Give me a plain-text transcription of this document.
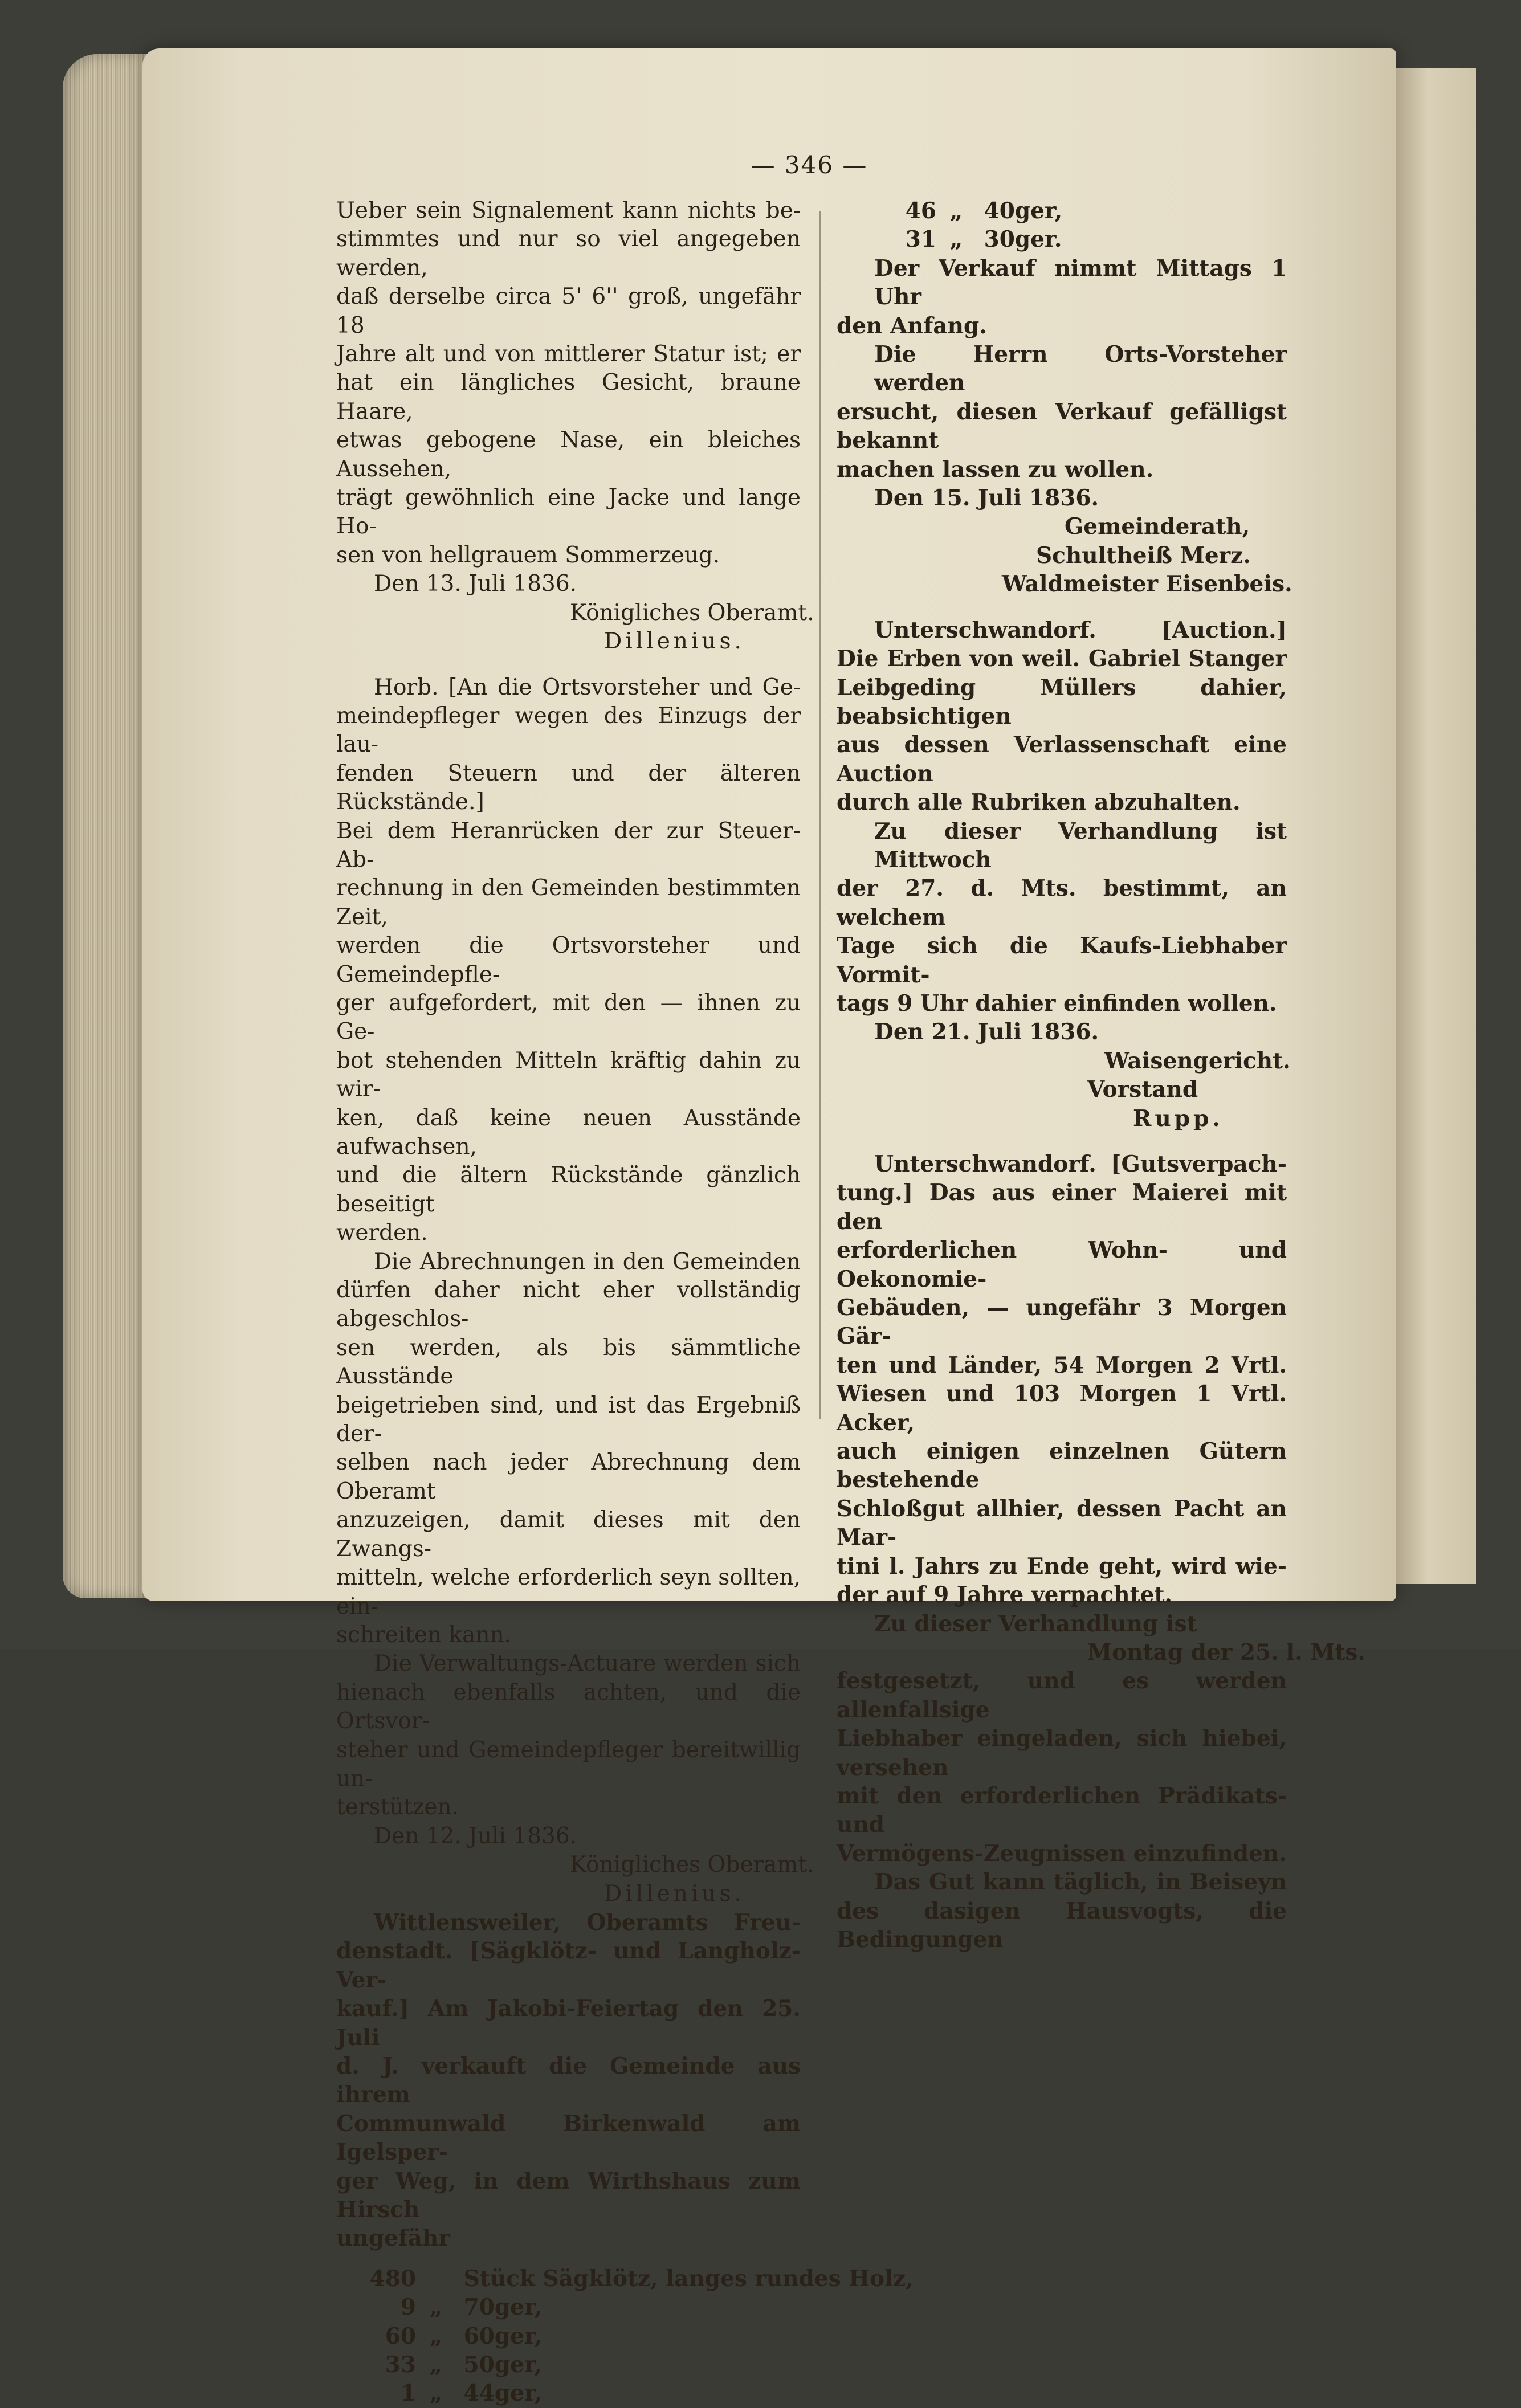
— 346 —
Ueber sein Signalement kann nichts be-
stimmtes und nur so viel angegeben werden,
daß derselbe circa 5' 6'' groß, ungefähr 18
Jahre alt und von mittlerer Statur ist; er
hat ein längliches Gesicht, braune Haare,
etwas gebogene Nase, ein bleiches Aussehen,
trägt gewöhnlich eine Jacke und lange Ho-
sen von hellgrauem Sommerzeug.
Den 13. Juli 1836.
Königliches Oberamt.
Dillenius.
Horb. [An die Ortsvorsteher und Ge-
meindepfleger wegen des Einzugs der lau-
fenden Steuern und der älteren Rückstände.]
Bei dem Heranrücken der zur Steuer-Ab-
rechnung in den Gemeinden bestimmten Zeit,
werden die Ortsvorsteher und Gemeindepfle-
ger aufgefordert, mit den — ihnen zu Ge-
bot stehenden Mitteln kräftig dahin zu wir-
ken, daß keine neuen Ausstände aufwachsen,
und die ältern Rückstände gänzlich beseitigt
werden.
Die Abrechnungen in den Gemeinden
dürfen daher nicht eher vollständig abgeschlos-
sen werden, als bis sämmtliche Ausstände
beigetrieben sind, und ist das Ergebniß der-
selben nach jeder Abrechnung dem Oberamt
anzuzeigen, damit dieses mit den Zwangs-
mitteln, welche erforderlich seyn sollten, ein-
schreiten kann.
Die Verwaltungs-Actuare werden sich
hienach ebenfalls achten, und die Ortsvor-
steher und Gemeindepfleger bereitwillig un-
terstützen.
Den 12. Juli 1836.
Königliches Oberamt.
Dillenius.
Wittlensweiler, Oberamts Freu-
denstadt. [Sägklötz- und Langholz-Ver-
kauf.] Am Jakobi-Feiertag den 25. Juli
d. J. verkauft die Gemeinde aus ihrem
Communwald Birkenwald am Igelsper-
ger Weg, in dem Wirthshaus zum Hirsch
ungefähr
480 Stück Sägklötz, langes rundes Holz,
9 „ 70ger,
60 „ 60ger,
33 „ 50ger,
1 „ 44ger,
46 „ 40ger,
31 „ 30ger.
Der Verkauf nimmt Mittags 1 Uhr
den Anfang.
Die Herrn Orts-Vorsteher werden
ersucht, diesen Verkauf gefälligst bekannt
machen lassen zu wollen.
Den 15. Juli 1836.
Gemeinderath,
Schultheiß Merz.
Waldmeister Eisenbeis.
Unterschwandorf. [Auction.]
Die Erben von weil. Gabriel Stanger
Leibgeding Müllers dahier, beabsichtigen
aus dessen Verlassenschaft eine Auction
durch alle Rubriken abzuhalten.
Zu dieser Verhandlung ist Mittwoch
der 27. d. Mts. bestimmt, an welchem
Tage sich die Kaufs-Liebhaber Vormit-
tags 9 Uhr dahier einfinden wollen.
Den 21. Juli 1836.
Waisengericht.
Vorstand
Rupp.
Unterschwandorf. [Gutsverpach-
tung.] Das aus einer Maierei mit den
erforderlichen Wohn- und Oekonomie-
Gebäuden, — ungefähr 3 Morgen Gär-
ten und Länder, 54 Morgen 2 Vrtl.
Wiesen und 103 Morgen 1 Vrtl. Acker,
auch einigen einzelnen Gütern bestehende
Schloßgut allhier, dessen Pacht an Mar-
tini l. Jahrs zu Ende geht, wird wie-
der auf 9 Jahre verpachtet.
Zu dieser Verhandlung ist
Montag der 25. l. Mts.
festgesetzt, und es werden allenfallsige
Liebhaber eingeladen, sich hiebei, versehen
mit den erforderlichen Prädikats- und
Vermögens-Zeugnissen einzufinden.
Das Gut kann täglich, in Beiseyn
des dasigen Hausvogts, die Bedingungen
